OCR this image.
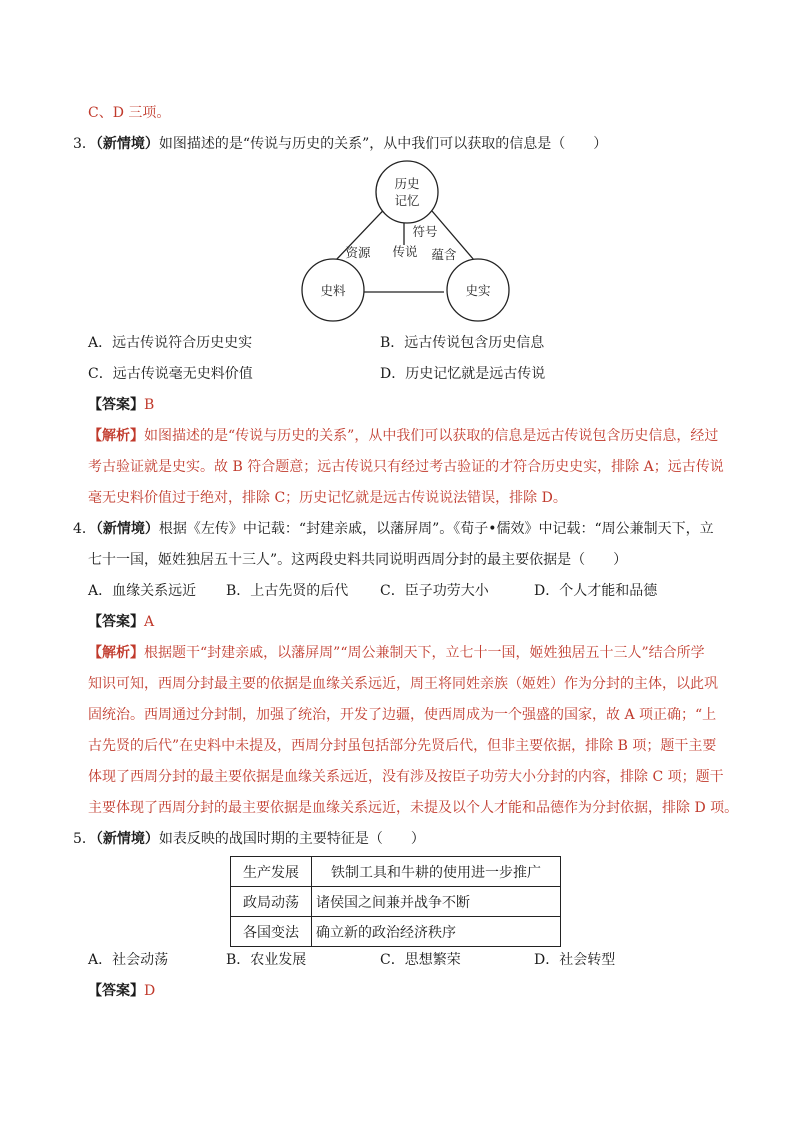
C、D 三项。
3．（新情境）如图描述的是“传说与历史的关系”，从中我们可以获取的信息是（　　）
历史
记忆
史料	史实
符号
资源 传说 蕴含
A．远古传说符合历史史实	B．远古传说包含历史信息
C．远古传说毫无史料价值	D．历史记忆就是远古传说
【答案】B
【解析】如图描述的是“传说与历史的关系”，从中我们可以获取的信息是远古传说包含历史信息，经过
考古验证就是史实。故 B 符合题意；远古传说只有经过考古验证的才符合历史史实，排除 A；远古传说
毫无史料价值过于绝对，排除 C；历史记忆就是远古传说说法错误，排除 D。
4．（新情境）根据《左传》中记载：“封建亲戚，以藩屏周”。《荀子•儒效》中记载：“周公兼制天下，立
七十一国，姬姓独居五十三人”。这两段史料共同说明西周分封的最主要依据是（　　）
A．血缘关系远近 B．上古先贤的后代 C．臣子功劳大小	D．个人才能和品德
【答案】A
【解析】根据题干“封建亲戚，以藩屏周”“周公兼制天下，立七十一国，姬姓独居五十三人”结合所学
知识可知，西周分封最主要的依据是血缘关系远近，周王将同姓亲族（姬姓）作为分封的主体，以此巩
固统治。西周通过分封制，加强了统治，开发了边疆，使西周成为一个强盛的国家，故 A 项正确；“上
古先贤的后代”在史料中未提及，西周分封虽包括部分先贤后代，但非主要依据，排除 B 项；题干主要
体现了西周分封的最主要依据是血缘关系远近，没有涉及按臣子功劳大小分封的内容，排除 C 项；题干
主要体现了西周分封的最主要依据是血缘关系远近，未提及以个人才能和品德作为分封依据，排除 D 项。
5．（新情境）如表反映的战国时期的主要特征是（　　）
生产发展	铁制工具和牛耕的使用进一步推广
政局动荡	诸侯国之间兼并战争不断
各国变法	确立新的政治经济秩序
A．社会动荡	B．农业发展	C．思想繁荣	D．社会转型
【答案】D
